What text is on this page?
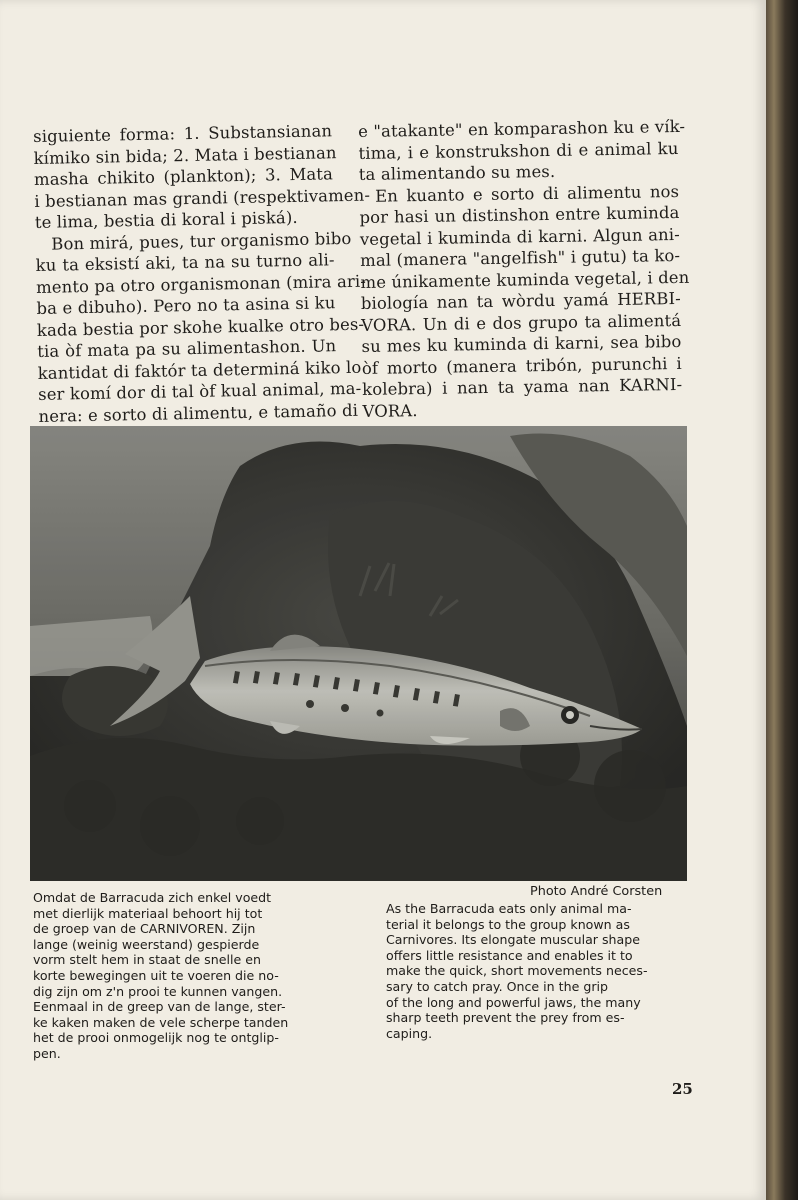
siguiente forma: 1. Substansianan
kímiko sin bida; 2. Mata i bestianan
masha chikito (plankton); 3. Mata
i bestianan mas grandi (respektivamen-
te lima, bestia di koral i piská).
Bon mirá, pues, tur organismo bibo
ku ta eksistí aki, ta na su turno ali-
mento pa otro organismonan (mira ari-
ba e dibuho). Pero no ta asina si ku
kada bestia por skohe kualke otro bes-
tia òf mata pa su alimentashon. Un
kantidat di faktór ta determiná kiko lo
ser komí dor di tal òf kual animal, ma-
nera: e sorto di alimentu, e tamaño di
e "atakante" en komparashon ku e vík-
tima, i e konstrukshon di e animal ku
ta alimentando su mes.
En kuanto e sorto di alimentu nos
por hasi un distinshon entre kuminda
vegetal i kuminda di karni. Algun ani-
mal (manera "angelfish" i gutu) ta ko-
me únikamente kuminda vegetal, i den
biología nan ta wòrdu yamá HERBI-
VORA. Un di e dos grupo ta alimentá
su mes ku kuminda di karni, sea bibo
òf morto (manera tribón, purunchi i
kolebra) i nan ta yama nan KARNI-
VORA.
Omdat de Barracuda zich enkel voedt
met dierlijk materiaal behoort hij tot
de groep van de CARNIVOREN. Zijn
lange (weinig weerstand) gespierde
vorm stelt hem in staat de snelle en
korte bewegingen uit te voeren die no-
dig zijn om z'n prooi te kunnen vangen.
Eenmaal in de greep van de lange, ster-
ke kaken maken de vele scherpe tanden
het de prooi onmogelijk nog te ontglip-
pen.
Photo André Corsten
As the Barracuda eats only animal ma-
terial it belongs to the group known as
Carnivores. Its elongate muscular shape
offers little resistance and enables it to
make the quick, short movements neces-
sary to catch pray. Once in the grip
of the long and powerful jaws, the many
sharp teeth prevent the prey from es-
caping.
25
